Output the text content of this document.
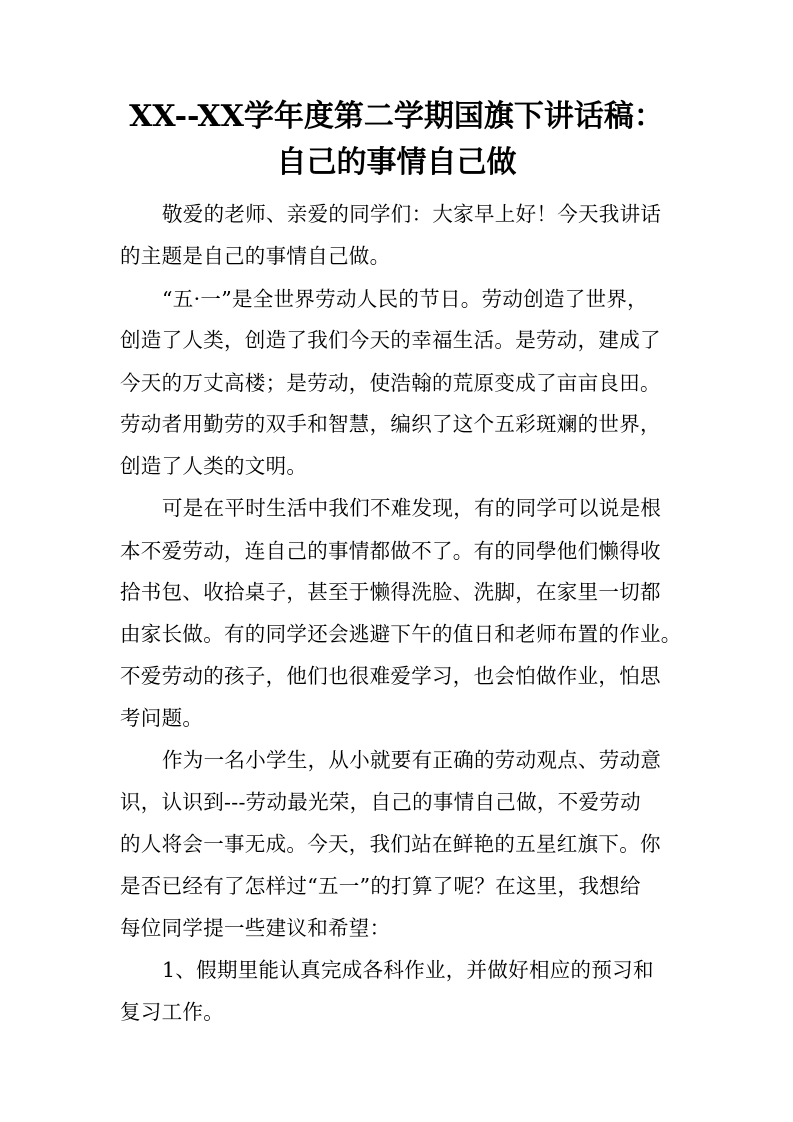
XX--XX学年度第二学期国旗下讲话稿：
自己的事情自己做
敬爱的老师、亲爱的同学们：大家早上好！今天我讲话
的主题是自己的事情自己做。
“五·一”是全世界劳动人民的节日。劳动创造了世界，
创造了人类，创造了我们今天的幸福生活。是劳动，建成了
今天的万丈高楼；是劳动，使浩翰的荒原变成了亩亩良田。
劳动者用勤劳的双手和智慧，编织了这个五彩斑斓的世界，
创造了人类的文明。
可是在平时生活中我们不难发现，有的同学可以说是根
本不爱劳动，连自己的事情都做不了。有的同學他们懒得收
拾书包、收拾桌子，甚至于懒得洗脸、洗脚，在家里一切都
由家长做。有的同学还会逃避下午的值日和老师布置的作业。
不爱劳动的孩子，他们也很难爱学习，也会怕做作业，怕思
考问题。
作为一名小学生，从小就要有正确的劳动观点、劳动意
识，认识到---劳动最光荣，自己的事情自己做，不爱劳动
的人将会一事无成。今天，我们站在鲜艳的五星红旗下。你
是否已经有了怎样过“五一”的打算了呢？在这里，我想给
每位同学提一些建议和希望：
1、假期里能认真完成各科作业，并做好相应的预习和
复习工作。
